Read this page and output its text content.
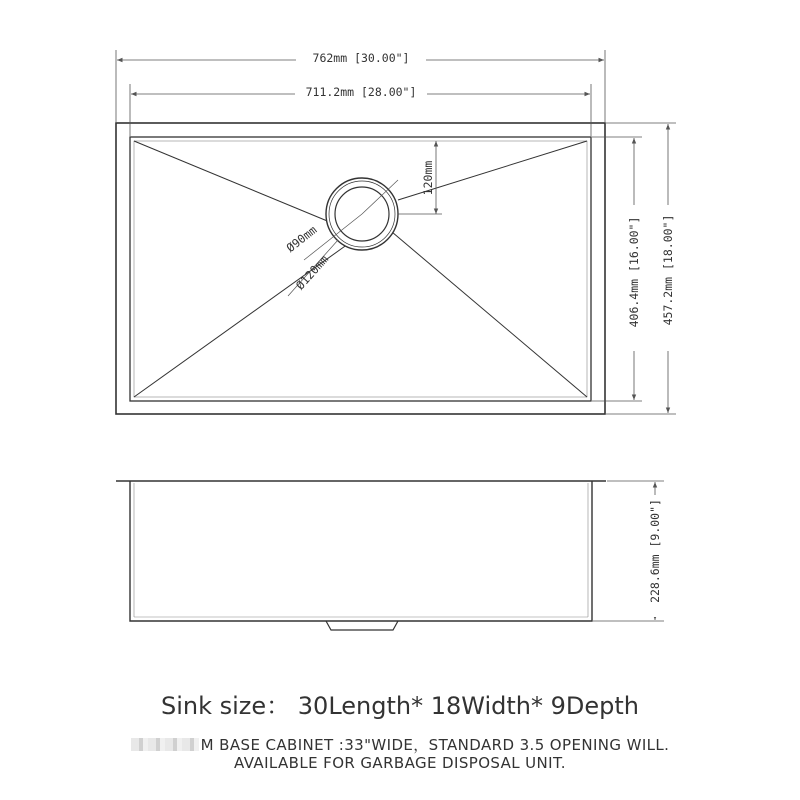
762mm [30.00"]
711.2mm [28.00"]
406.4mm [16.00"] 457.2mm [18.00"]
120mm
Ø90mm
Ø120mm
228.6mm [9.00"]
Sink size： 30Length* 18Width* 9Depth
M BASE CABINET :33"WIDE，STANDARD 3.5 OPENING WILL.
AVAILABLE FOR GARBAGE DISPOSAL UNIT.
